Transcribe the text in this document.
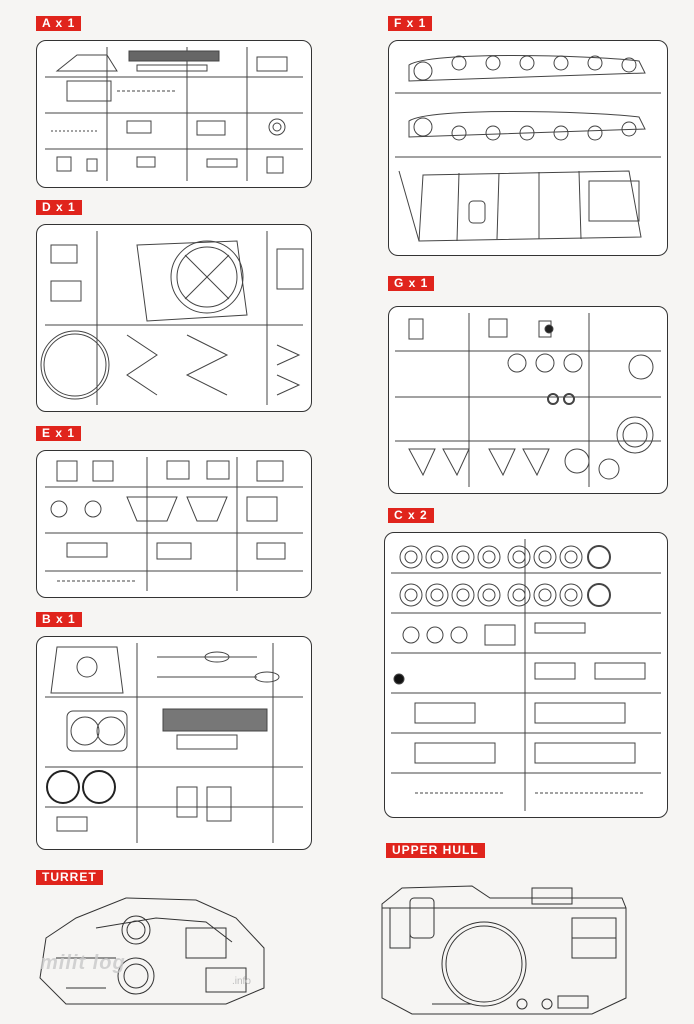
A x 1
D x 1
E x 1
B x 1
TURRET
milit log
.info
F x 1
G x 1
C x 2
UPPER HULL
